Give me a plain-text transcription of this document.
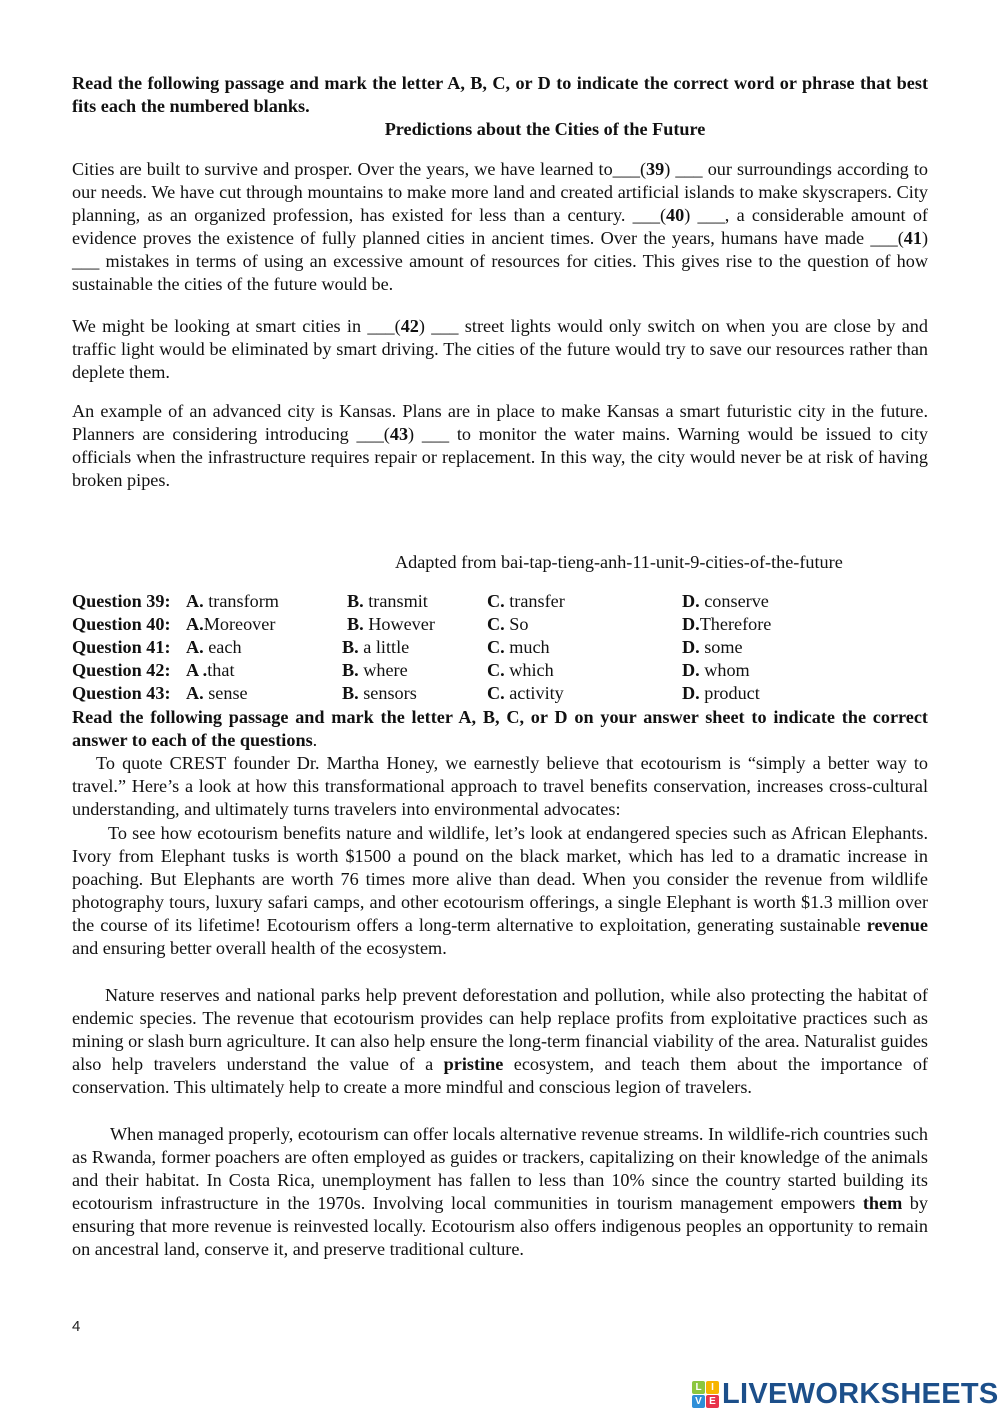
Read the following passage and mark the letter A, B, C, or D to indicate the correct word or phrase that best fits each the numbered blanks.
Predictions about the Cities of the Future
Cities are built to survive and prosper. Over the years, we have learned to___(39) ___ our surroundings according to our needs. We have cut through mountains to make more land and created artificial islands to make skyscrapers. City planning, as an organized profession, has existed for less than a century. ___(40) ___, a considerable amount of evidence proves the existence of fully planned cities in ancient times. Over the years, humans have made ___(41) ___ mistakes in terms of using an excessive amount of resources for cities. This gives rise to the question of how sustainable the cities of the future would be.
We might be looking at smart cities in ___(42) ___ street lights would only switch on when you are close by and traffic light would be eliminated by smart driving. The cities of the future would try to save our resources rather than deplete them.
An example of an advanced city is Kansas. Plans are in place to make Kansas a smart futuristic city in the future. Planners are considering introducing ___(43) ___ to monitor the water mains. Warning would be issued to city officials when the infrastructure requires repair or replacement. In this way, the city would never be at risk of having broken pipes.
Adapted from bai-tap-tieng-anh-11-unit-9-cities-of-the-future
Question 39: A. transform	B. transmit	C. transfer	D. conserve
Question 40: A.Moreover	B. However	C. So	D.Therefore
Question 41: A. each	B. a little	C. much	D. some
Question 42: A .that	B. where	C. which	D. whom
Question 43: A. sense	B. sensors	C. activity	D. product
Read the following passage and mark the letter A, B, C, or D on your answer sheet to indicate the correct answer to each of the questions.
To quote CREST founder Dr. Martha Honey, we earnestly believe that ecotourism is “simply a better way to travel.” Here’s a look at how this transformational approach to travel benefits conservation, increases cross-cultural understanding, and ultimately turns travelers into environmental advocates:
To see how ecotourism benefits nature and wildlife, let’s look at endangered species such as African Elephants. Ivory from Elephant tusks is worth $1500 a pound on the black market, which has led to a dramatic increase in poaching. But Elephants are worth 76 times more alive than dead. When you consider the revenue from wildlife photography tours, luxury safari camps, and other ecotourism offerings, a single Elephant is worth $1.3 million over the course of its lifetime! Ecotourism offers a long-term alternative to exploitation, generating sustainable revenue and ensuring better overall health of the ecosystem.
Nature reserves and national parks help prevent deforestation and pollution, while also protecting the habitat of endemic species. The revenue that ecotourism provides can help replace profits from exploitative practices such as mining or slash burn agriculture. It can also help ensure the long-term financial viability of the area. Naturalist guides also help travelers understand the value of a pristine ecosystem, and teach them about the importance of conservation. This ultimately help to create a more mindful and conscious legion of travelers.
When managed properly, ecotourism can offer locals alternative revenue streams. In wildlife-rich countries such as Rwanda, former poachers are often employed as guides or trackers, capitalizing on their knowledge of the animals and their habitat. In Costa Rica, unemployment has fallen to less than 10% since the country started building its ecotourism infrastructure in the 1970s. Involving local communities in tourism management empowers them by ensuring that more revenue is reinvested locally. Ecotourism also offers indigenous peoples an opportunity to remain on ancestral land, conserve it, and preserve traditional culture.
4
L I
V E LIVEWORKSHEETS
